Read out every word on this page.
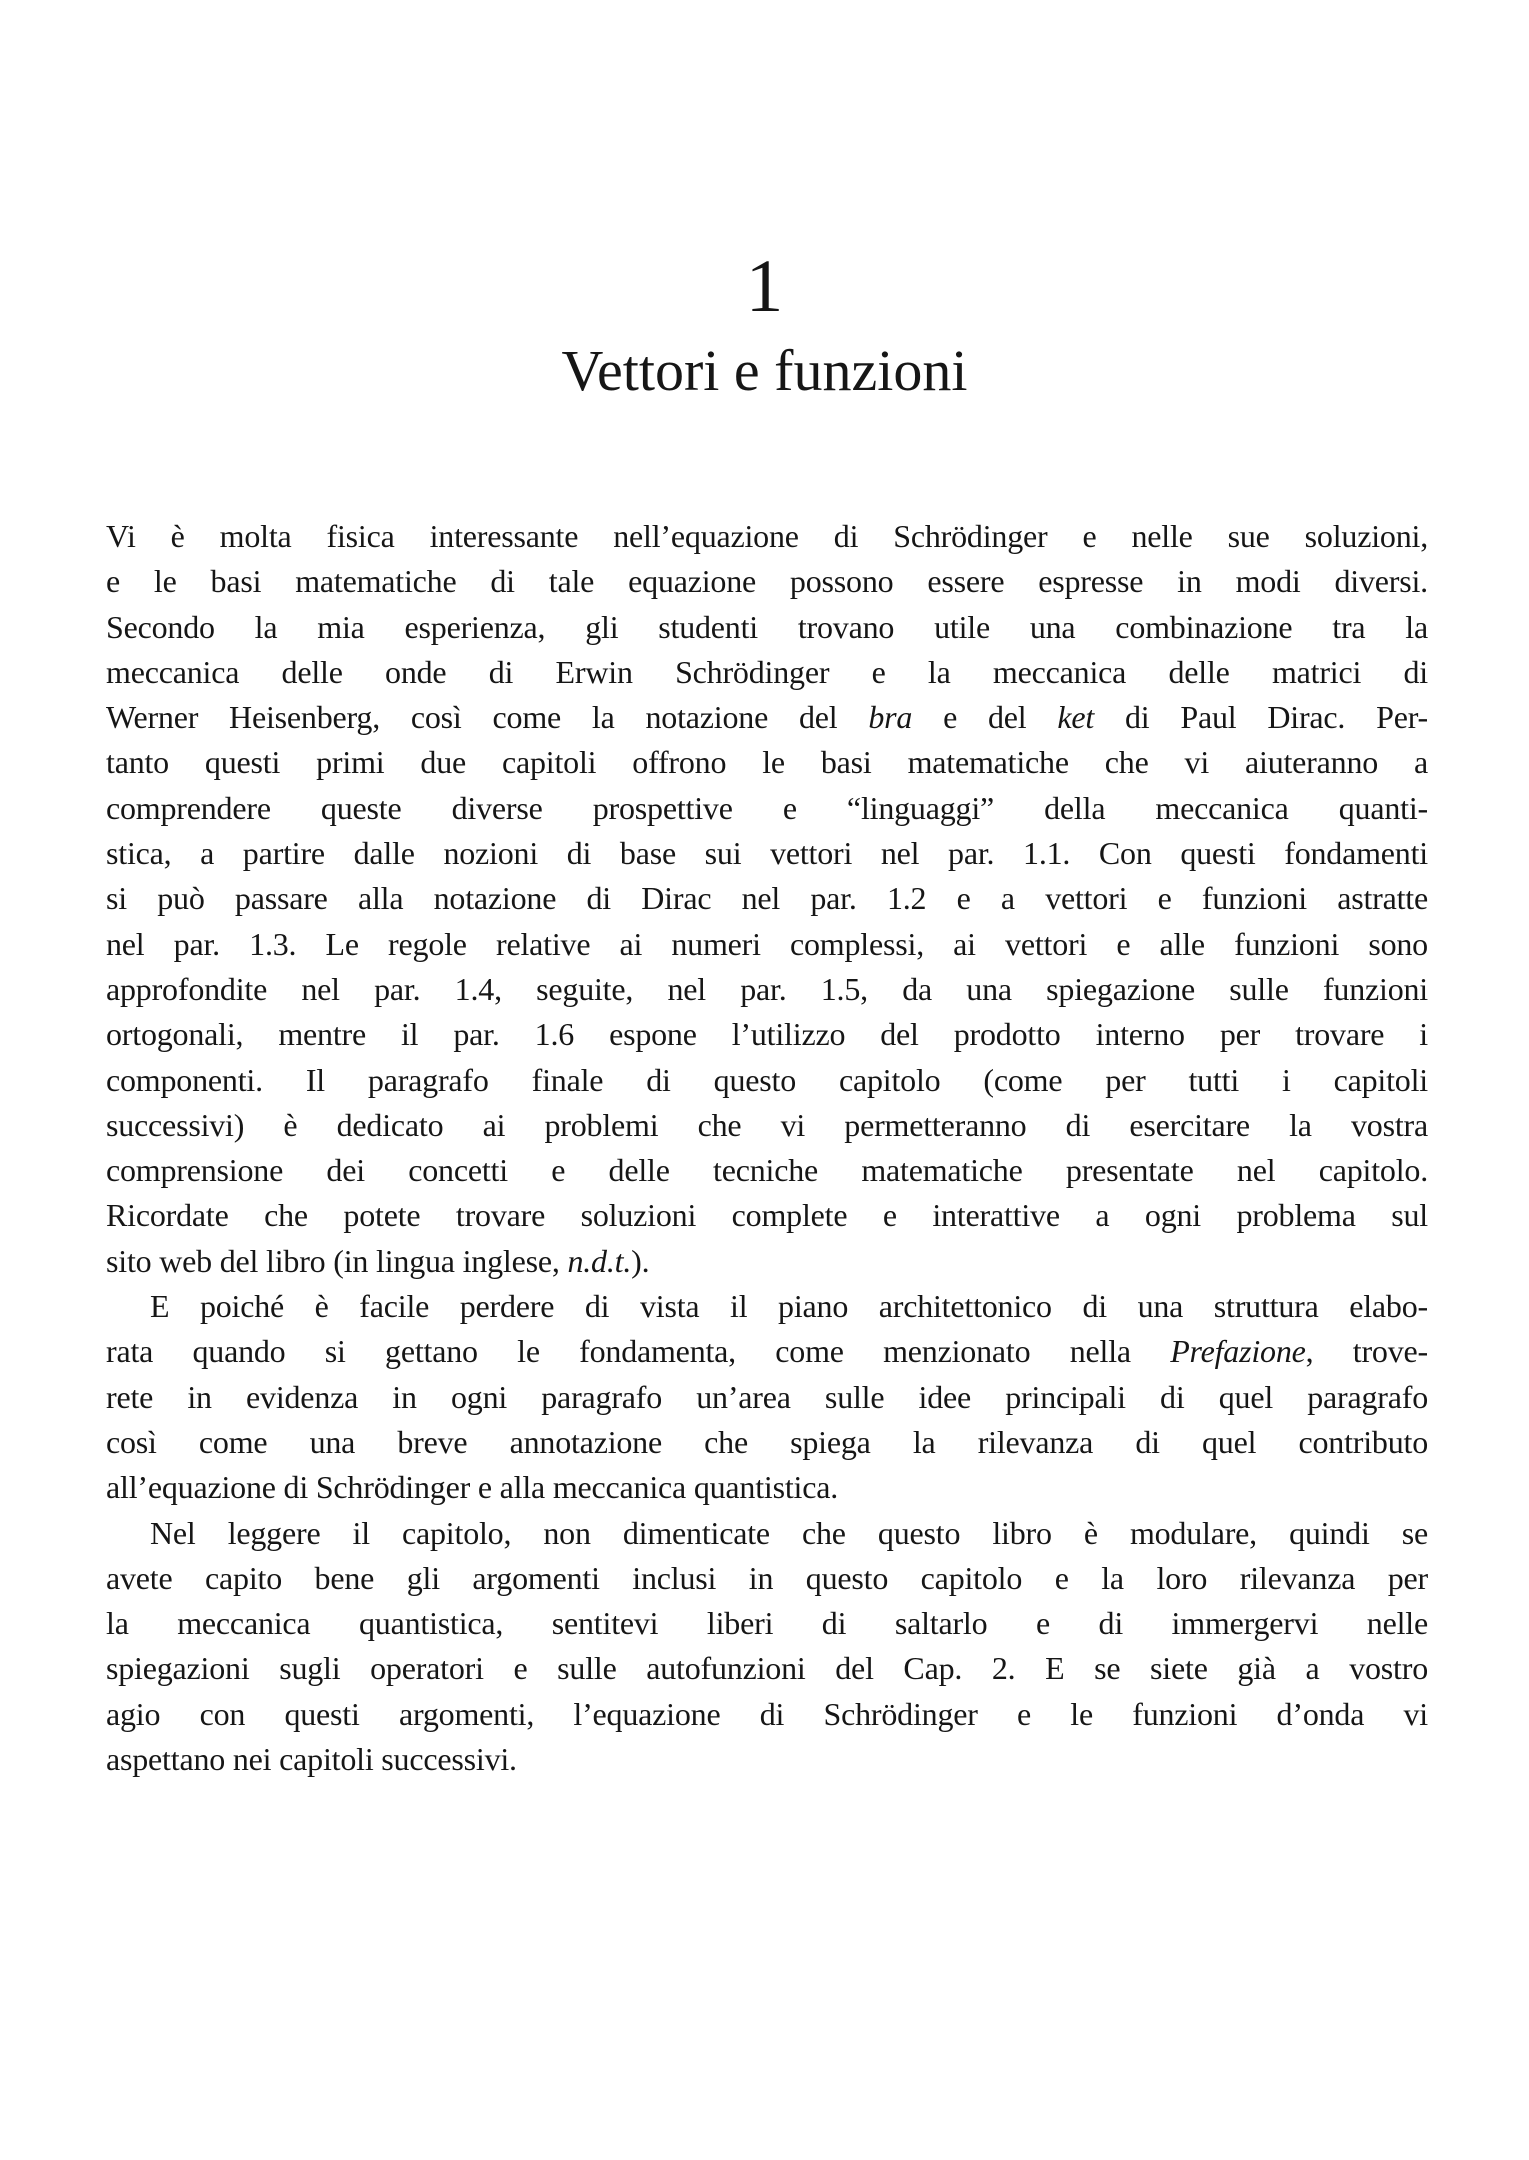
1
Vettori e funzioni
Vi è molta fisica interessante nell’equazione di Schrödinger e nelle sue soluzioni,
e le basi matematiche di tale equazione possono essere espresse in modi diversi.
Secondo la mia esperienza, gli studenti trovano utile una combinazione tra la
meccanica delle onde di Erwin Schrödinger e la meccanica delle matrici di
Werner Heisenberg, così come la notazione del bra e del ket di Paul Dirac. Per-
tanto questi primi due capitoli offrono le basi matematiche che vi aiuteranno a
comprendere queste diverse prospettive e “linguaggi” della meccanica quanti-
stica, a partire dalle nozioni di base sui vettori nel par. 1.1. Con questi fondamenti
si può passare alla notazione di Dirac nel par. 1.2 e a vettori e funzioni astratte
nel par. 1.3. Le regole relative ai numeri complessi, ai vettori e alle funzioni sono
approfondite nel par. 1.4, seguite, nel par. 1.5, da una spiegazione sulle funzioni
ortogonali, mentre il par. 1.6 espone l’utilizzo del prodotto interno per trovare i
componenti. Il paragrafo finale di questo capitolo (come per tutti i capitoli
successivi) è dedicato ai problemi che vi permetteranno di esercitare la vostra
comprensione dei concetti e delle tecniche matematiche presentate nel capitolo.
Ricordate che potete trovare soluzioni complete e interattive a ogni problema sul
sito web del libro (in lingua inglese, n.d.t.).
E poiché è facile perdere di vista il piano architettonico di una struttura elabo-
rata quando si gettano le fondamenta, come menzionato nella Prefazione, trove-
rete in evidenza in ogni paragrafo un’area sulle idee principali di quel paragrafo
così come una breve annotazione che spiega la rilevanza di quel contributo
all’equazione di Schrödinger e alla meccanica quantistica.
Nel leggere il capitolo, non dimenticate che questo libro è modulare, quindi se
avete capito bene gli argomenti inclusi in questo capitolo e la loro rilevanza per
la meccanica quantistica, sentitevi liberi di saltarlo e di immergervi nelle
spiegazioni sugli operatori e sulle autofunzioni del Cap. 2. E se siete già a vostro
agio con questi argomenti, l’equazione di Schrödinger e le funzioni d’onda vi
aspettano nei capitoli successivi.
